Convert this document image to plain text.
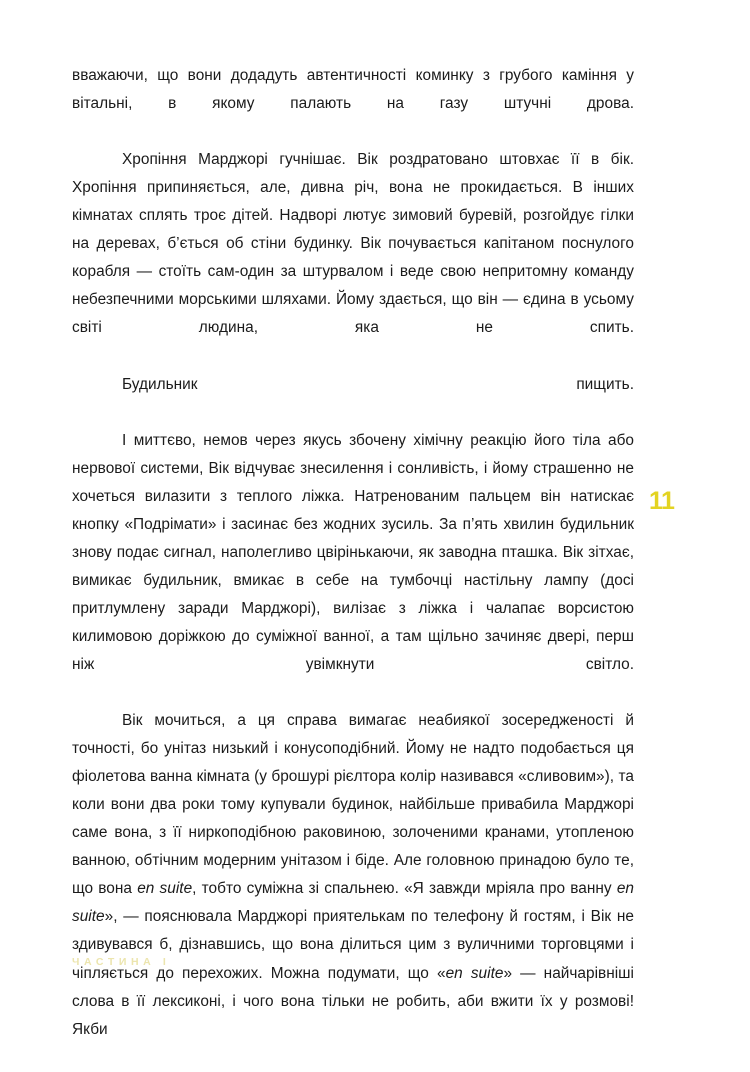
вважаючи, що вони додадуть автентичності коминку з грубого каміння у вітальні, в якому палають на газу штучні дрова.

Хропіння Марджорі гучнішає. Вік роздратовано штовхає її в бік. Хропіння припиняється, але, дивна річ, вона не прокидається. В інших кімнатах сплять троє дітей. Надворі лютує зимовий буревій, розгойдує гілки на деревах, б’ється об стіни будинку. Вік почувається капітаном поснулого корабля — стоїть сам-один за штурвалом і веде свою непритомну команду небезпечними морськими шляхами. Йому здається, що він — єдина в усьому світі людина, яка не спить.

Будильник пищить.

І миттєво, немов через якусь збочену хімічну реакцію його тіла або нервової системи, Вік відчуває знесилення і сонливість, і йому страшенно не хочеться вилазити з теплого ліжка. Натренованим пальцем він натискає кнопку «Подрімати» і засинає без жодних зусиль. За п’ять хвилин будильник знову подає сигнал, наполегливо цвірінькаючи, як заводна пташка. Вік зітхає, вимикає будильник, вмикає в себе на тумбочці настільну лампу (досі притлумлену заради Марджорі), вилізає з ліжка і чалапає ворсистою килимовою доріжкою до суміжної ванної, а там щільно зачиняє двері, перш ніж увімкнути світло.

Вік мочиться, а ця справа вимагає неабиякої зосередженості й точності, бо унітаз низький і конусоподібний. Йому не надто подобається ця фіолетова ванна кімната (у брошурі рієлтора колір називався «сливовим»), та коли вони два роки тому купували будинок, найбільше привабила Марджорі саме вона, з її ниркоподібною раковиною, золоченими кранами, утопленою ванною, обтічним модерним унітазом і біде. Але головною принадою було те, що вона en suite, тобто суміжна зі спальнею. «Я завжди мріяла про ванну en suite», — пояснювала Марджорі приятелькам по телефону й гостям, і Вік не здивувався б, дізнавшись, що вона ділиться цим з вуличними торговцями і чіпляється до перехожих. Можна подумати, що «en suite» — найчарівніші слова в її лексиконі, і чого вона тільки не робить, аби вжити їх у розмові! Якби

11
ЧАСТИНА І
